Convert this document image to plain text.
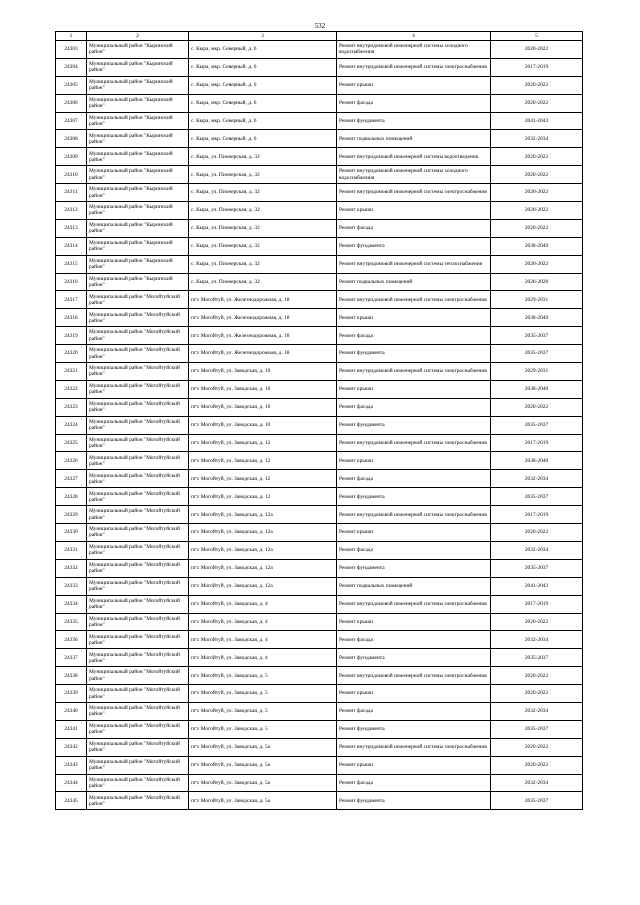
532
1	2	3	4	5
24303	Муниципальный район "Кыринский район"	с. Кыра, мкр. Северный, д. 6	Ремонт внутридомовой инженерной системы холодного водоснабжения	2020-2022
24304	Муниципальный район "Кыринский район"	с. Кыра, мкр. Северный, д. 6	Ремонт внутридомовой инженерной системы электроснабжения	2017-2019
24305	Муниципальный район "Кыринский район"	с. Кыра, мкр. Северный, д. 6	Ремонт крыши	2020-2022
24306	Муниципальный район "Кыринский район"	с. Кыра, мкр. Северный, д. 6	Ремонт фасада	2020-2022
24307	Муниципальный район "Кыринский район"	с. Кыра, мкр. Северный, д. 6	Ремонт фундамента	2041-2043
24308	Муниципальный район "Кыринский район"	с. Кыра, мкр. Северный, д. 6	Ремонт подвальных помещений	2032-2034
24309	Муниципальный район "Кыринский район"	с. Кыра, ул. Пионерская, д. 32	Ремонт внутридомовой инженерной системы водоотведения	2020-2022
24310	Муниципальный район "Кыринский район"	с. Кыра, ул. Пионерская, д. 32	Ремонт внутридомовой инженерной системы холодного водоснабжения	2020-2022
24311	Муниципальный район "Кыринский район"	с. Кыра, ул. Пионерская, д. 32	Ремонт внутридомовой инженерной системы электроснабжения	2020-2022
24312	Муниципальный район "Кыринский район"	с. Кыра, ул. Пионерская, д. 32	Ремонт крыши	2020-2022
24313	Муниципальный район "Кыринский район"	с. Кыра, ул. Пионерская, д. 32	Ремонт фасада	2020-2022
24314	Муниципальный район "Кыринский район"	с. Кыра, ул. Пионерская, д. 32	Ремонт фундамента	2038-2040
24315	Муниципальный район "Кыринский район"	с. Кыра, ул. Пионерская, д. 32	Ремонт внутридомовой инженерной системы теплоснабжения	2020-2022
24316	Муниципальный район "Кыринский район"	с. Кыра, ул. Пионерская, д. 32	Ремонт подвальных помещений	2026-2028
24317	Муниципальный район "Могойтуйский район"	пгт. Могойтуй, ул. Железнодорожная, д. 18	Ремонт внутридомовой инженерной системы электроснабжения	2029-2031
24318	Муниципальный район "Могойтуйский район"	пгт. Могойтуй, ул. Железнодорожная, д. 18	Ремонт крыши	2038-2040
24319	Муниципальный район "Могойтуйский район"	пгт. Могойтуй, ул. Железнодорожная, д. 18	Ремонт фасада	2035-2037
24320	Муниципальный район "Могойтуйский район"	пгт. Могойтуй, ул. Железнодорожная, д. 18	Ремонт фундамента	2035-2037
24321	Муниципальный район "Могойтуйский район"	пгт. Могойтуй, ул. Заводская, д. 10	Ремонт внутридомовой инженерной системы электроснабжения	2029-2031
24322	Муниципальный район "Могойтуйский район"	пгт. Могойтуй, ул. Заводская, д. 10	Ремонт крыши	2038-2040
24323	Муниципальный район "Могойтуйский район"	пгт. Могойтуй, ул. Заводская, д. 10	Ремонт фасада	2020-2022
24324	Муниципальный район "Могойтуйский район"	пгт. Могойтуй, ул. Заводская, д. 10	Ремонт фундамента	2035-2037
24325	Муниципальный район "Могойтуйский район"	пгт. Могойтуй, ул. Заводская, д. 12	Ремонт внутридомовой инженерной системы электроснабжения	2017-2019
24326	Муниципальный район "Могойтуйский район"	пгт. Могойтуй, ул. Заводская, д. 12	Ремонт крыши	2038-2040
24327	Муниципальный район "Могойтуйский район"	пгт. Могойтуй, ул. Заводская, д. 12	Ремонт фасада	2032-2034
24328	Муниципальный район "Могойтуйский район"	пгт. Могойтуй, ул. Заводская, д. 12	Ремонт фундамента	2035-2037
24329	Муниципальный район "Могойтуйский район"	пгт. Могойтуй, ул. Заводская, д. 12а	Ремонт внутридомовой инженерной системы электроснабжения	2017-2019
24330	Муниципальный район "Могойтуйский район"	пгт. Могойтуй, ул. Заводская, д. 12а	Ремонт крыши	2020-2022
24331	Муниципальный район "Могойтуйский район"	пгт. Могойтуй, ул. Заводская, д. 12а	Ремонт фасада	2032-2034
24332	Муниципальный район "Могойтуйский район"	пгт. Могойтуй, ул. Заводская, д. 12а	Ремонт фундамента	2035-2037
24333	Муниципальный район "Могойтуйский район"	пгт. Могойтуй, ул. Заводская, д. 12а	Ремонт подвальных помещений	2041-2043
24334	Муниципальный район "Могойтуйский район"	пгт. Могойтуй, ул. Заводская, д. 4	Ремонт внутридомовой инженерной системы электроснабжения	2017-2019
24335	Муниципальный район "Могойтуйский район"	пгт. Могойтуй, ул. Заводская, д. 4	Ремонт крыши	2020-2022
24336	Муниципальный район "Могойтуйский район"	пгт. Могойтуй, ул. Заводская, д. 4	Ремонт фасада	2032-2034
24337	Муниципальный район "Могойтуйский район"	пгт. Могойтуй, ул. Заводская, д. 4	Ремонт фундамента	2035-2037
24338	Муниципальный район "Могойтуйский район"	пгт. Могойтуй, ул. Заводская, д. 5	Ремонт внутридомовой инженерной системы электроснабжения	2020-2022
24339	Муниципальный район "Могойтуйский район"	пгт. Могойтуй, ул. Заводская, д. 5	Ремонт крыши	2020-2022
24340	Муниципальный район "Могойтуйский район"	пгт. Могойтуй, ул. Заводская, д. 5	Ремонт фасада	2032-2034
24341	Муниципальный район "Могойтуйский район"	пгт. Могойтуй, ул. Заводская, д. 5	Ремонт фундамента	2035-2037
24342	Муниципальный район "Могойтуйский район"	пгт. Могойтуй, ул. Заводская, д. 5а	Ремонт внутридомовой инженерной системы электроснабжения	2020-2022
24343	Муниципальный район "Могойтуйский район"	пгт. Могойтуй, ул. Заводская, д. 5а	Ремонт крыши	2020-2022
24344	Муниципальный район "Могойтуйский район"	пгт. Могойтуй, ул. Заводская, д. 5а	Ремонт фасада	2032-2034
24345	Муниципальный район "Могойтуйский район"	пгт. Могойтуй, ул. Заводская, д. 5а	Ремонт фундамента	2035-2037
